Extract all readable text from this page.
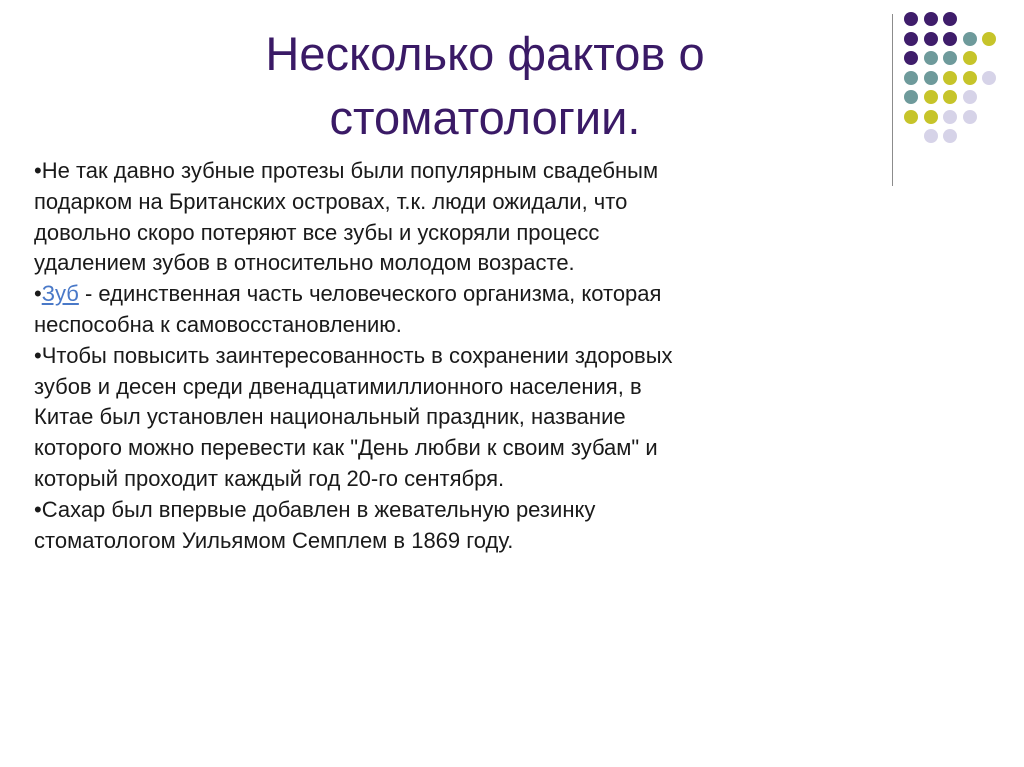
Несколько фактов о
стоматологии.

•Не так давно зубные протезы были популярным свадебным подарком на Британских островах, т.к. люди ожидали, что довольно скоро потеряют все зубы и ускоряли процесс удалением зубов в относительно молодом возрасте.

•Зуб - единственная часть человеческого организма, которая неспособна к самовосстановлению.

•Чтобы повысить заинтересованность в сохранении здоровых зубов и десен среди двенадцатимиллионного населения, в Китае был установлен национальный праздник, название которого можно перевести как "День любви к своим зубам" и который проходит каждый год 20-го сентября.

•Сахар был впервые добавлен в жевательную резинку стоматологом Уильямом Семплем в 1869 году.
